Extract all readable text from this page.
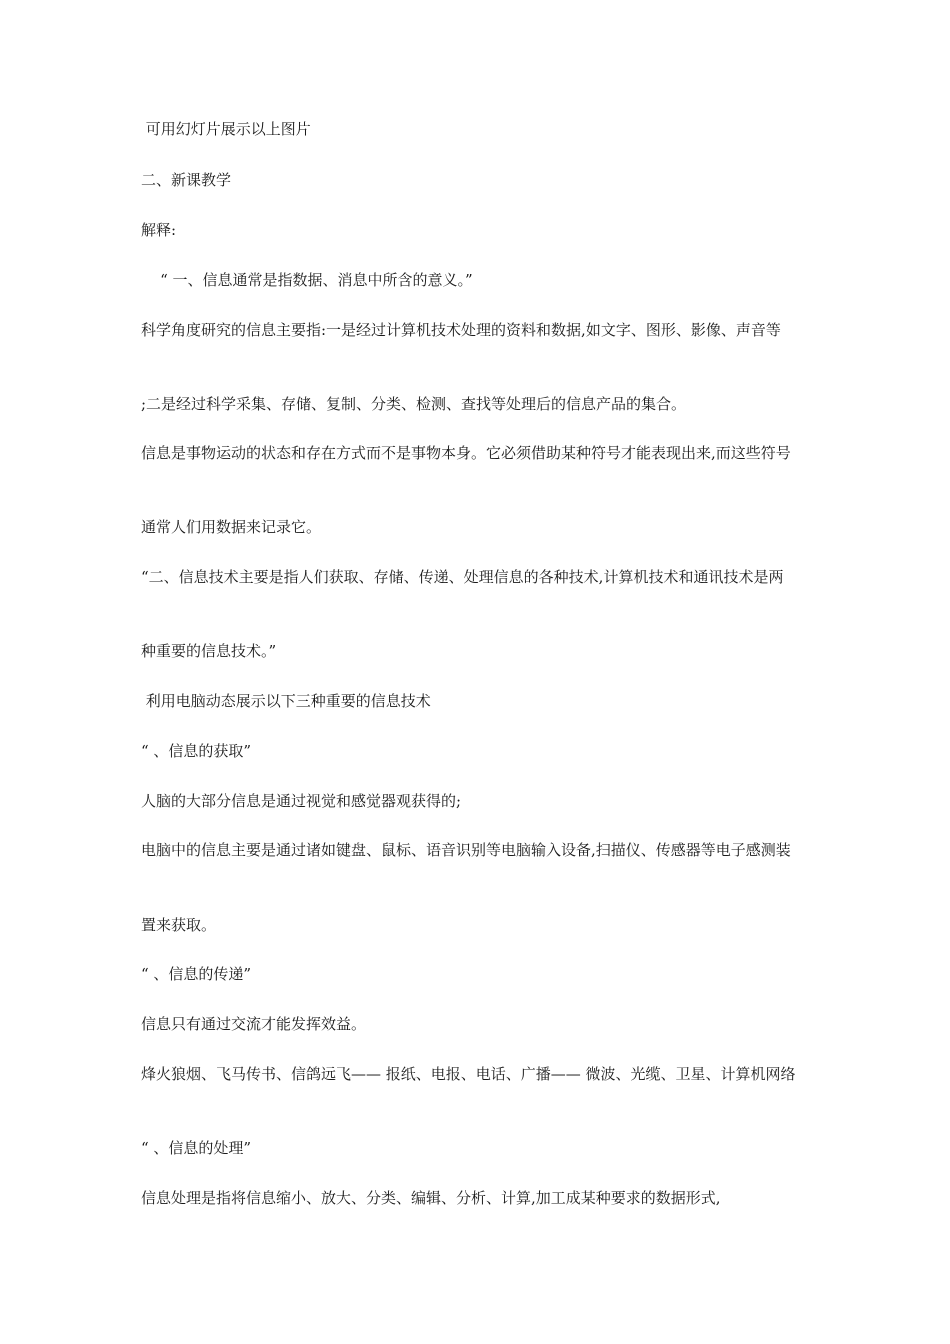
可用幻灯片展示以上图片

二、新课教学

解释:

“ 一、信息通常是指数据、消息中所含的意义。”

科学角度研究的信息主要指:一是经过计算机技术处理的资料和数据,如文字、图形、影像、声音等

;二是经过科学采集、存储、复制、分类、检测、查找等处理后的信息产品的集合。

信息是事物运动的状态和存在方式而不是事物本身。它必须借助某种符号才能表现出来,而这些符号

通常人们用数据来记录它。

“二、信息技术主要是指人们获取、存储、传递、处理信息的各种技术,计算机技术和通讯技术是两

种重要的信息技术。”

利用电脑动态展示以下三种重要的信息技术

“ 、信息的获取”

人脑的大部分信息是通过视觉和感觉器观获得的;

电脑中的信息主要是通过诸如键盘、鼠标、语音识别等电脑输入设备,扫描仪、传感器等电子感测装

置来获取。

“ 、信息的传递”

信息只有通过交流才能发挥效益。

烽火狼烟、飞马传书、信鸽远飞—— 报纸、电报、电话、广播—— 微波、光缆、卫星、计算机网络

“ 、信息的处理”

信息处理是指将信息缩小、放大、分类、编辑、分析、计算,加工成某种要求的数据形式,
